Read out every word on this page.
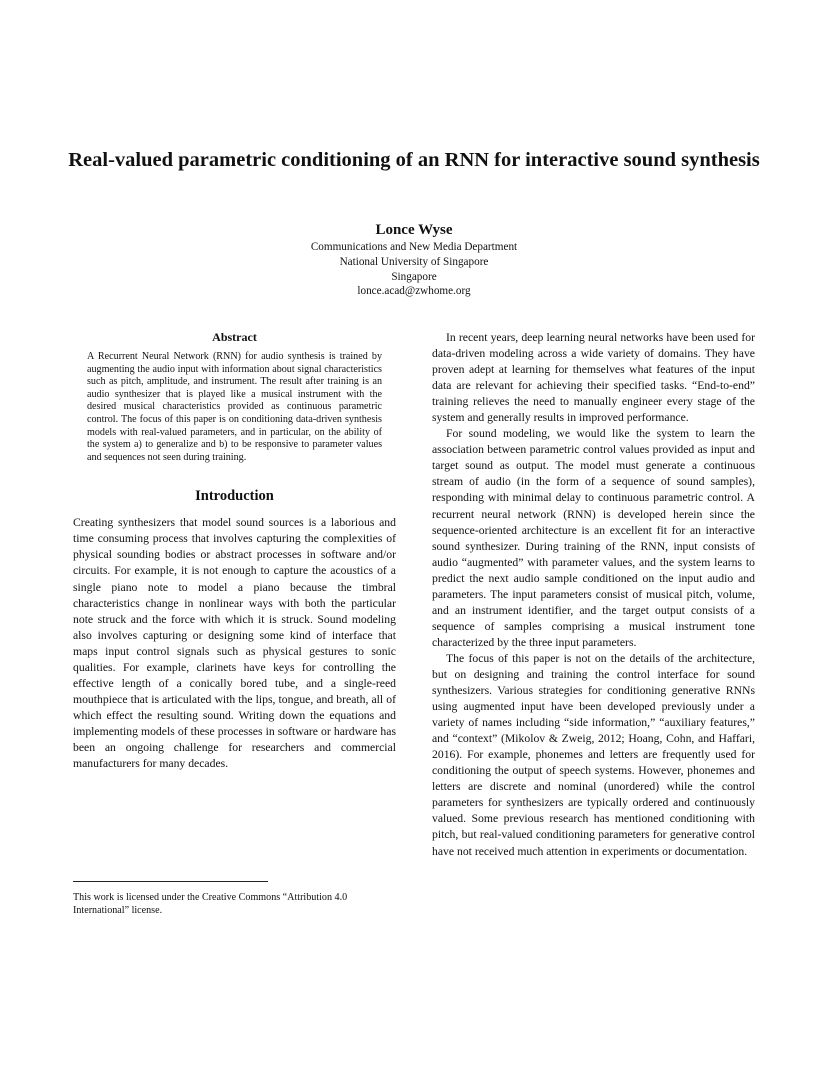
Real-valued parametric conditioning of an RNN for interactive sound synthesis
Lonce Wyse
Communications and New Media Department
National University of Singapore
Singapore
lonce.acad@zwhome.org
Abstract

A Recurrent Neural Network (RNN) for audio synthesis is trained by augmenting the audio input with information about signal characteristics such as pitch, amplitude, and instrument. The result after training is an audio synthesizer that is played like a musical instrument with the desired musical characteristics provided as continuous parametric control. The focus of this paper is on conditioning data-driven synthesis models with real-valued parameters, and in particular, on the ability of the system a) to generalize and b) to be responsive to parameter values and sequences not seen during training.

Introduction

Creating synthesizers that model sound sources is a laborious and time consuming process that involves capturing the complexities of physical sounding bodies or abstract processes in software and/or circuits. For example, it is not enough to capture the acoustics of a single piano note to model a piano because the timbral characteristics change in nonlinear ways with both the particular note struck and the force with which it is struck. Sound modeling also involves capturing or designing some kind of interface that maps input control signals such as physical gestures to sonic qualities. For example, clarinets have keys for controlling the effective length of a conically bored tube, and a single-reed mouthpiece that is articulated with the lips, tongue, and breath, all of which effect the resulting sound. Writing down the equations and implementing models of these processes in software or hardware has been an ongoing challenge for researchers and commercial manufacturers for many decades.

This work is licensed under the Creative Commons “Attribution 4.0 International” license.

In recent years, deep learning neural networks have been used for data-driven modeling across a wide variety of domains. They have proven adept at learning for themselves what features of the input data are relevant for achieving their specified tasks. “End-to-end” training relieves the need to manually engineer every stage of the system and generally results in improved performance.

For sound modeling, we would like the system to learn the association between parametric control values provided as input and target sound as output. The model must generate a continuous stream of audio (in the form of a sequence of sound samples), responding with minimal delay to continuous parametric control. A recurrent neural network (RNN) is developed herein since the sequence-oriented architecture is an excellent fit for an interactive sound synthesizer. During training of the RNN, input consists of audio “augmented” with parameter values, and the system learns to predict the next audio sample conditioned on the input audio and parameters. The input parameters consist of musical pitch, volume, and an instrument identifier, and the target output consists of a sequence of samples comprising a musical instrument tone characterized by the three input parameters.

The focus of this paper is not on the details of the architecture, but on designing and training the control interface for sound synthesizers. Various strategies for conditioning generative RNNs using augmented input have been developed previously under a variety of names including “side information,” “auxiliary features,” and “context” (Mikolov & Zweig, 2012; Hoang, Cohn, and Haffari, 2016). For example, phonemes and letters are frequently used for conditioning the output of speech systems. However, phonemes and letters are discrete and nominal (unordered) while the control parameters for synthesizers are typically ordered and continuously valued. Some previous research has mentioned conditioning with pitch, but real-valued conditioning parameters for generative control have not received much attention in experiments or documentation.
